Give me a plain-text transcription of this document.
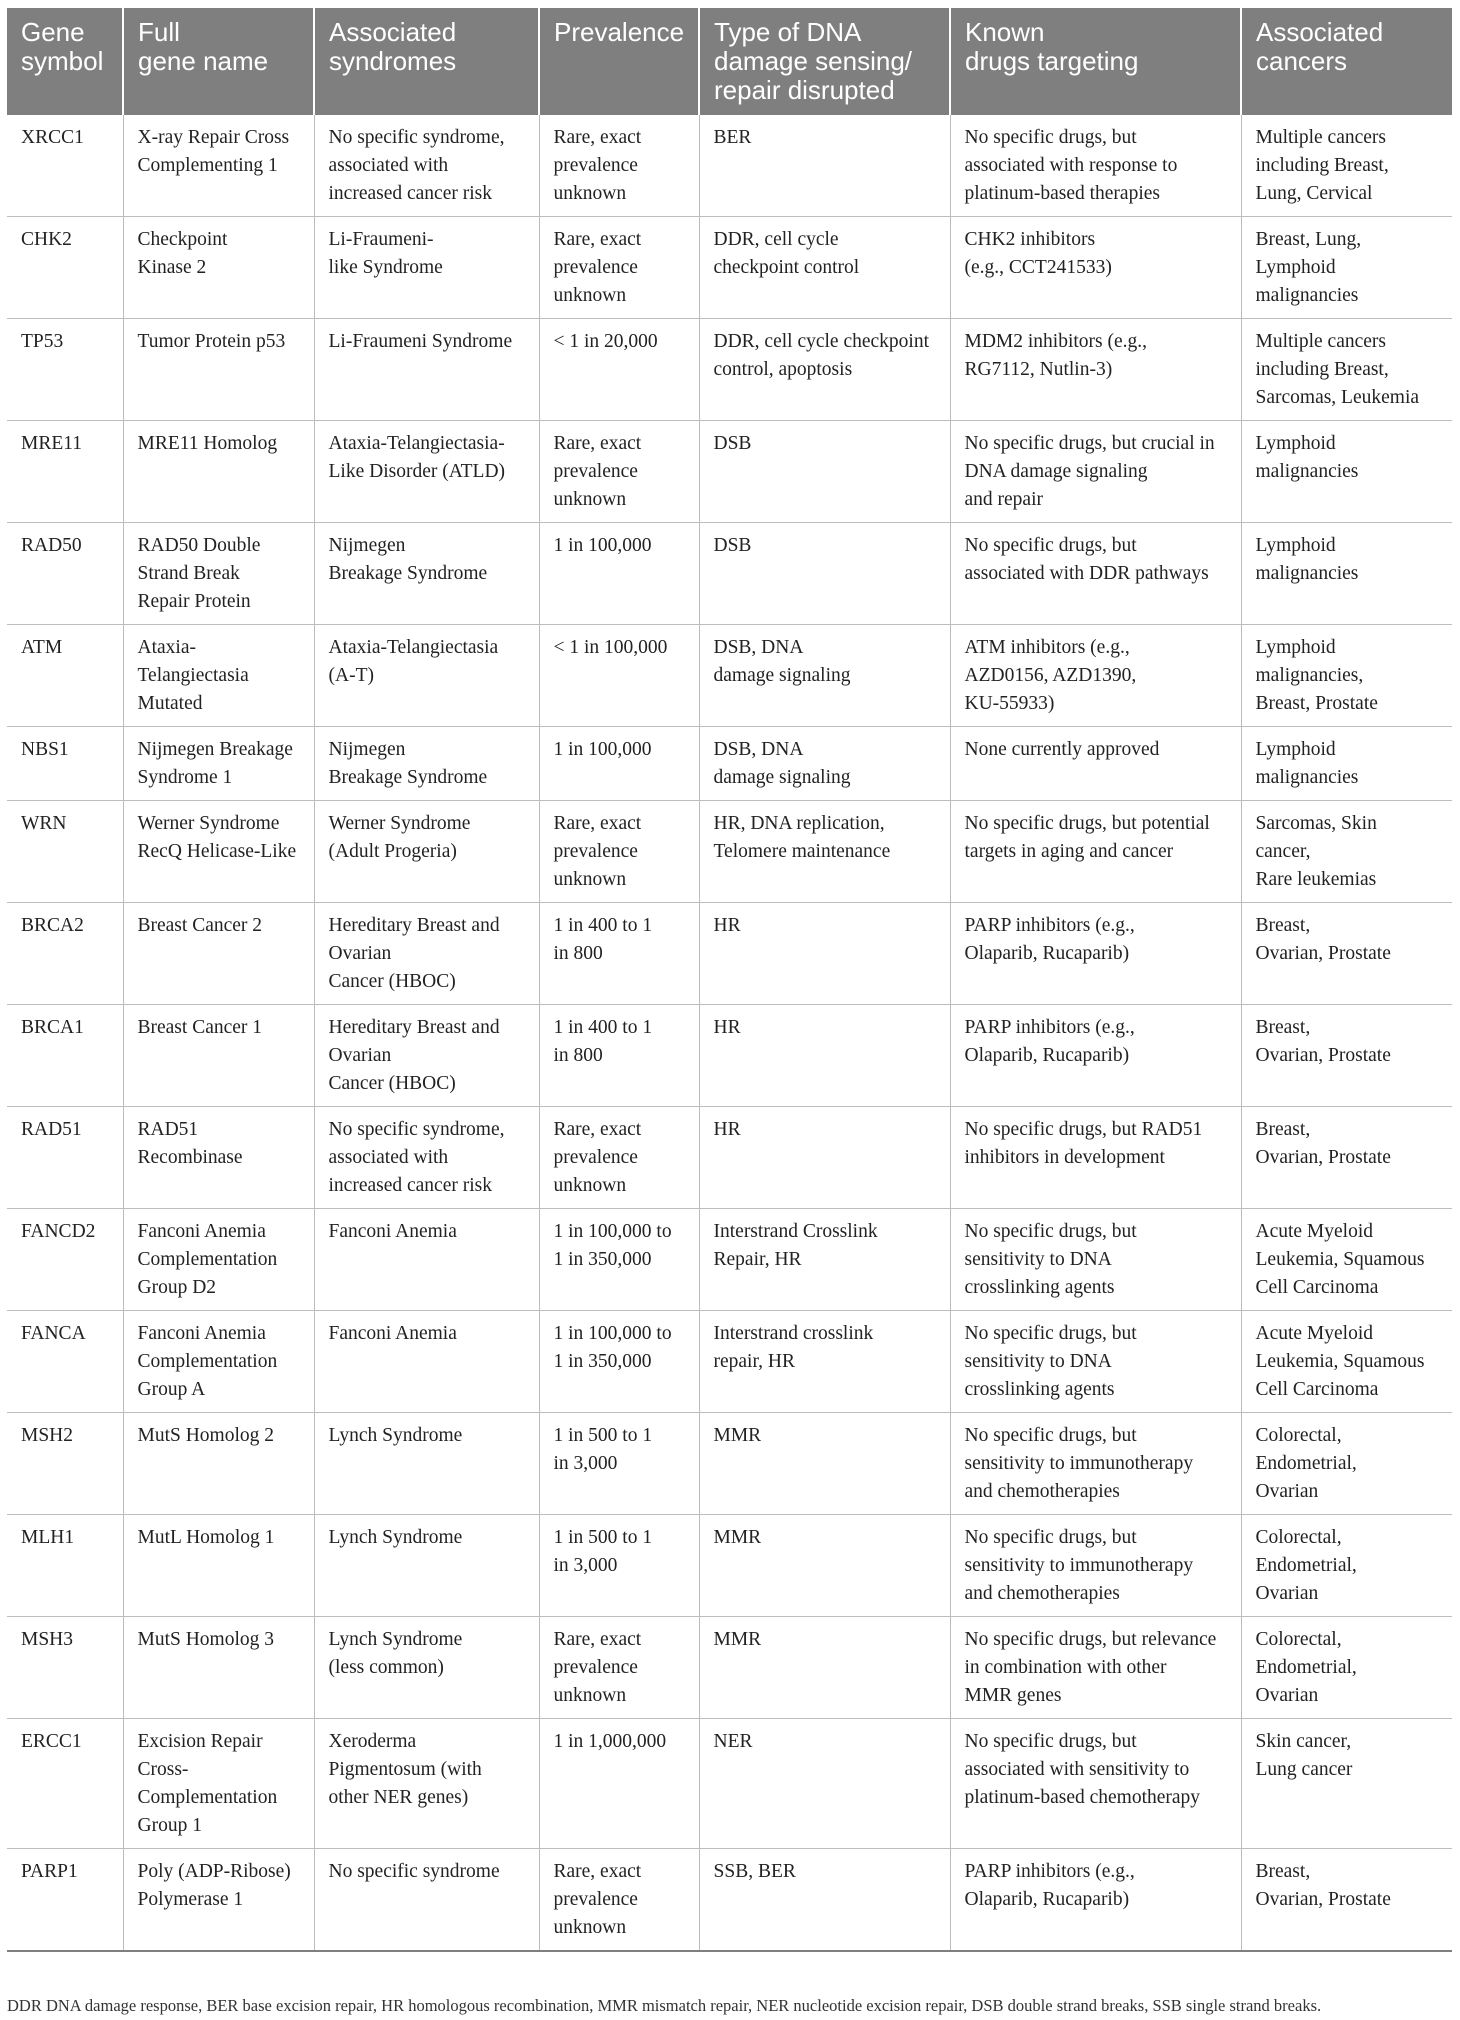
Gene
symbol	Full
gene name	Associated
syndromes	Prevalence	Type of DNA
damage sensing/
repair disrupted	Known
drugs targeting	Associated
cancers
XRCC1	X-ray Repair Cross
Complementing 1	No specific syndrome,
associated with
increased cancer risk	Rare, exact
prevalence
unknown	BER	No specific drugs, but
associated with response to
platinum-based therapies	Multiple cancers
including Breast,
Lung, Cervical
CHK2	Checkpoint
Kinase 2	Li-Fraumeni-
like Syndrome	Rare, exact
prevalence
unknown	DDR, cell cycle
checkpoint control	CHK2 inhibitors
(e.g., CCT241533)	Breast, Lung,
Lymphoid
malignancies
TP53	Tumor Protein p53	Li-Fraumeni Syndrome	< 1 in 20,000	DDR, cell cycle checkpoint
control, apoptosis	MDM2 inhibitors (e.g.,
RG7112, Nutlin-3)	Multiple cancers
including Breast,
Sarcomas, Leukemia
MRE11	MRE11 Homolog	Ataxia-Telangiectasia-
Like Disorder (ATLD)	Rare, exact
prevalence
unknown	DSB	No specific drugs, but crucial in
DNA damage signaling
and repair	Lymphoid
malignancies
RAD50	RAD50 Double
Strand Break
Repair Protein	Nijmegen
Breakage Syndrome	1 in 100,000	DSB	No specific drugs, but
associated with DDR pathways	Lymphoid
malignancies
ATM	Ataxia-
Telangiectasia
Mutated	Ataxia-Telangiectasia
(A-T)	< 1 in 100,000	DSB, DNA
damage signaling	ATM inhibitors (e.g.,
AZD0156, AZD1390,
KU-55933)	Lymphoid
malignancies,
Breast, Prostate
NBS1	Nijmegen Breakage
Syndrome 1	Nijmegen
Breakage Syndrome	1 in 100,000	DSB, DNA
damage signaling	None currently approved	Lymphoid
malignancies
WRN	Werner Syndrome
RecQ Helicase-Like	Werner Syndrome
(Adult Progeria)	Rare, exact
prevalence
unknown	HR, DNA replication,
Telomere maintenance	No specific drugs, but potential
targets in aging and cancer	Sarcomas, Skin
cancer,
Rare leukemias
BRCA2	Breast Cancer 2	Hereditary Breast and
Ovarian
Cancer (HBOC)	1 in 400 to 1
in 800	HR	PARP inhibitors (e.g.,
Olaparib, Rucaparib)	Breast,
Ovarian, Prostate
BRCA1	Breast Cancer 1	Hereditary Breast and
Ovarian
Cancer (HBOC)	1 in 400 to 1
in 800	HR	PARP inhibitors (e.g.,
Olaparib, Rucaparib)	Breast,
Ovarian, Prostate
RAD51	RAD51
Recombinase	No specific syndrome,
associated with
increased cancer risk	Rare, exact
prevalence
unknown	HR	No specific drugs, but RAD51
inhibitors in development	Breast,
Ovarian, Prostate
FANCD2	Fanconi Anemia
Complementation
Group D2	Fanconi Anemia	1 in 100,000 to
1 in 350,000	Interstrand Crosslink
Repair, HR	No specific drugs, but
sensitivity to DNA
crosslinking agents	Acute Myeloid
Leukemia, Squamous
Cell Carcinoma
FANCA	Fanconi Anemia
Complementation
Group A	Fanconi Anemia	1 in 100,000 to
1 in 350,000	Interstrand crosslink
repair, HR	No specific drugs, but
sensitivity to DNA
crosslinking agents	Acute Myeloid
Leukemia, Squamous
Cell Carcinoma
MSH2	MutS Homolog 2	Lynch Syndrome	1 in 500 to 1
in 3,000	MMR	No specific drugs, but
sensitivity to immunotherapy
and chemotherapies	Colorectal,
Endometrial,
Ovarian
MLH1	MutL Homolog 1	Lynch Syndrome	1 in 500 to 1
in 3,000	MMR	No specific drugs, but
sensitivity to immunotherapy
and chemotherapies	Colorectal,
Endometrial,
Ovarian
MSH3	MutS Homolog 3	Lynch Syndrome
(less common)	Rare, exact
prevalence
unknown	MMR	No specific drugs, but relevance
in combination with other
MMR genes	Colorectal,
Endometrial,
Ovarian
ERCC1	Excision Repair
Cross-
Complementation
Group 1	Xeroderma
Pigmentosum (with
other NER genes)	1 in 1,000,000	NER	No specific drugs, but
associated with sensitivity to
platinum-based chemotherapy	Skin cancer,
Lung cancer
PARP1	Poly (ADP-Ribose)
Polymerase 1	No specific syndrome	Rare, exact
prevalence
unknown	SSB, BER	PARP inhibitors (e.g.,
Olaparib, Rucaparib)	Breast,
Ovarian, Prostate
DDR DNA damage response, BER base excision repair, HR homologous recombination, MMR mismatch repair, NER nucleotide excision repair, DSB double strand breaks, SSB single strand breaks.
